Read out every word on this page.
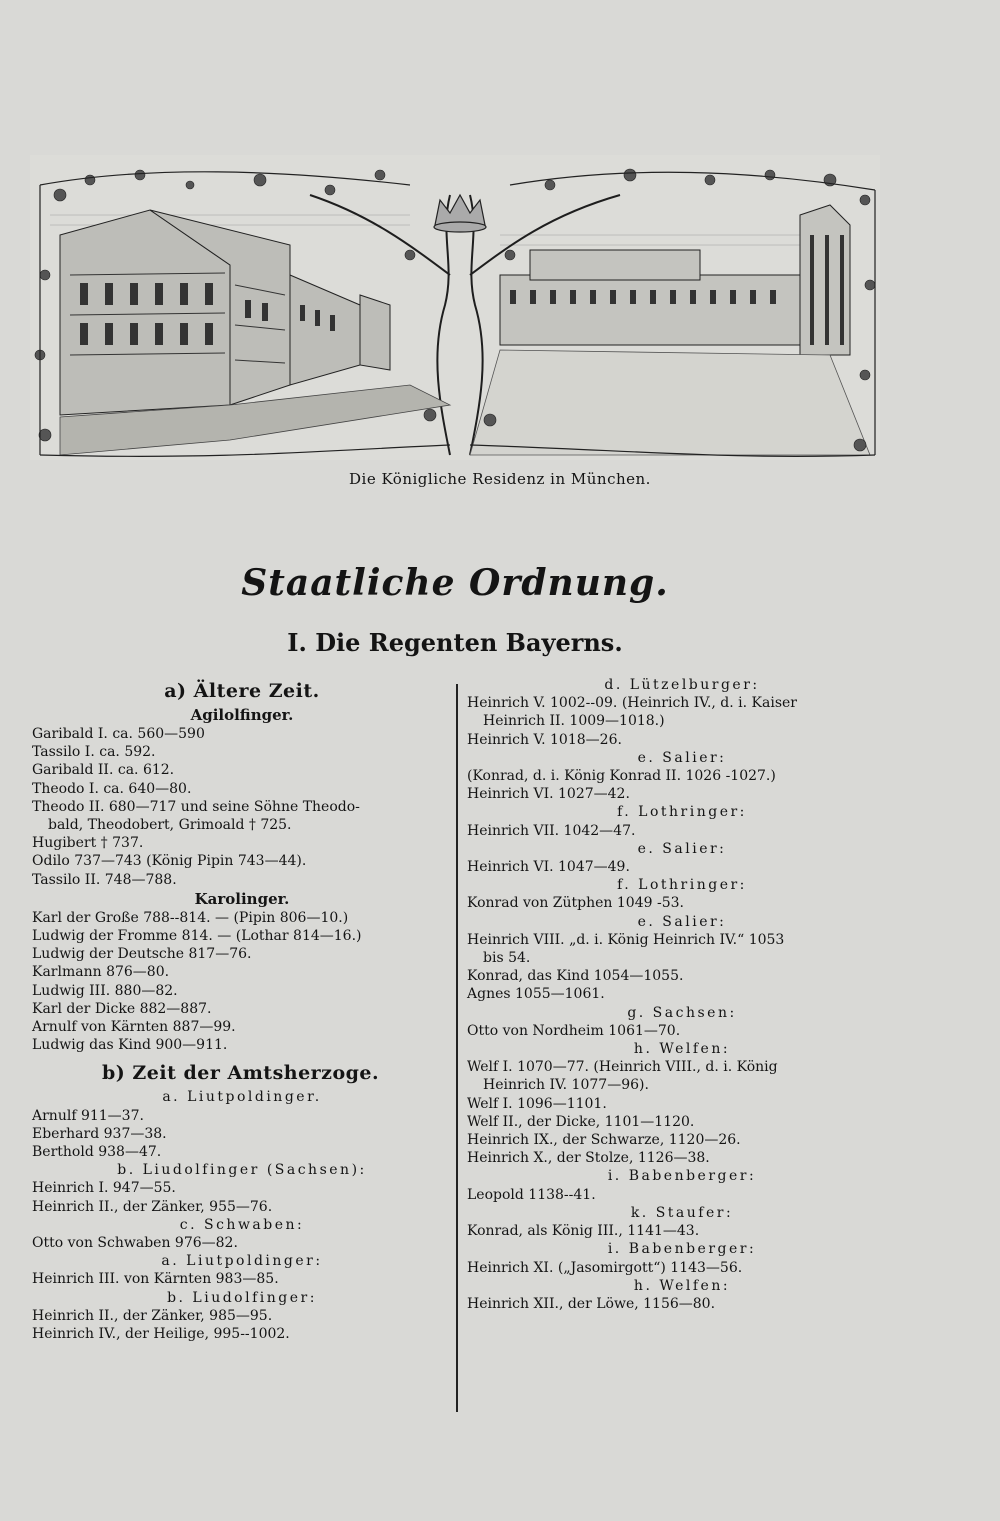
Die Königliche Residenz in München.
Staatliche Ordnung.
I. Die Regenten Bayerns.
a) Ältere Zeit.
Agilolfinger.
Garibald I. ca. 560—590
Tassilo I. ca. 592.
Garibald II. ca. 612.
Theodo I. ca. 640—80.
Theodo II. 680—717 und seine Söhne Theodo-
bald, Theodobert, Grimoald † 725.
Hugibert † 737.
Odilo 737—743 (König Pipin 743—44).
Tassilo II. 748—788.
Karolinger.
Karl der Große 788--814. — (Pipin 806—10.)
Ludwig der Fromme 814. — (Lothar 814—16.)
Ludwig der Deutsche 817—76.
Karlmann 876—80.
Ludwig III. 880—82.
Karl der Dicke 882—887.
Arnulf von Kärnten 887—99.
Ludwig das Kind 900—911.
b) Zeit der Amtsherzoge.
a. Liutpoldinger.
Arnulf 911—37.
Eberhard 937—38.
Berthold 938—47.
b. Liudolfinger (Sachsen):
Heinrich I. 947—55.
Heinrich II., der Zänker, 955—76.
c. Schwaben:
Otto von Schwaben 976—82.
a. Liutpoldinger:
Heinrich III. von Kärnten 983—85.
b. Liudolfinger:
Heinrich II., der Zänker, 985—95.
Heinrich IV., der Heilige, 995--1002.
d. Lützelburger:
Heinrich V. 1002--09. (Heinrich IV., d. i. Kaiser
Heinrich II. 1009—1018.)
Heinrich V. 1018—26.
e. Salier:
(Konrad, d. i. König Konrad II. 1026 -1027.)
Heinrich VI. 1027—42.
f. Lothringer:
Heinrich VII. 1042—47.
e. Salier:
Heinrich VI. 1047—49.
f. Lothringer:
Konrad von Zütphen 1049 -53.
e. Salier:
Heinrich VIII. „d. i. König Heinrich IV.“ 1053
bis 54.
Konrad, das Kind 1054—1055.
Agnes 1055—1061.
g. Sachsen:
Otto von Nordheim 1061—70.
h. Welfen:
Welf I. 1070—77. (Heinrich VIII., d. i. König
Heinrich IV. 1077—96).
Welf I. 1096—1101.
Welf II., der Dicke, 1101—1120.
Heinrich IX., der Schwarze, 1120—26.
Heinrich X., der Stolze, 1126—38.
i. Babenberger:
Leopold 1138--41.
k. Staufer:
Konrad, als König III., 1141—43.
i. Babenberger:
Heinrich XI. („Jasomirgott“) 1143—56.
h. Welfen:
Heinrich XII., der Löwe, 1156—80.
